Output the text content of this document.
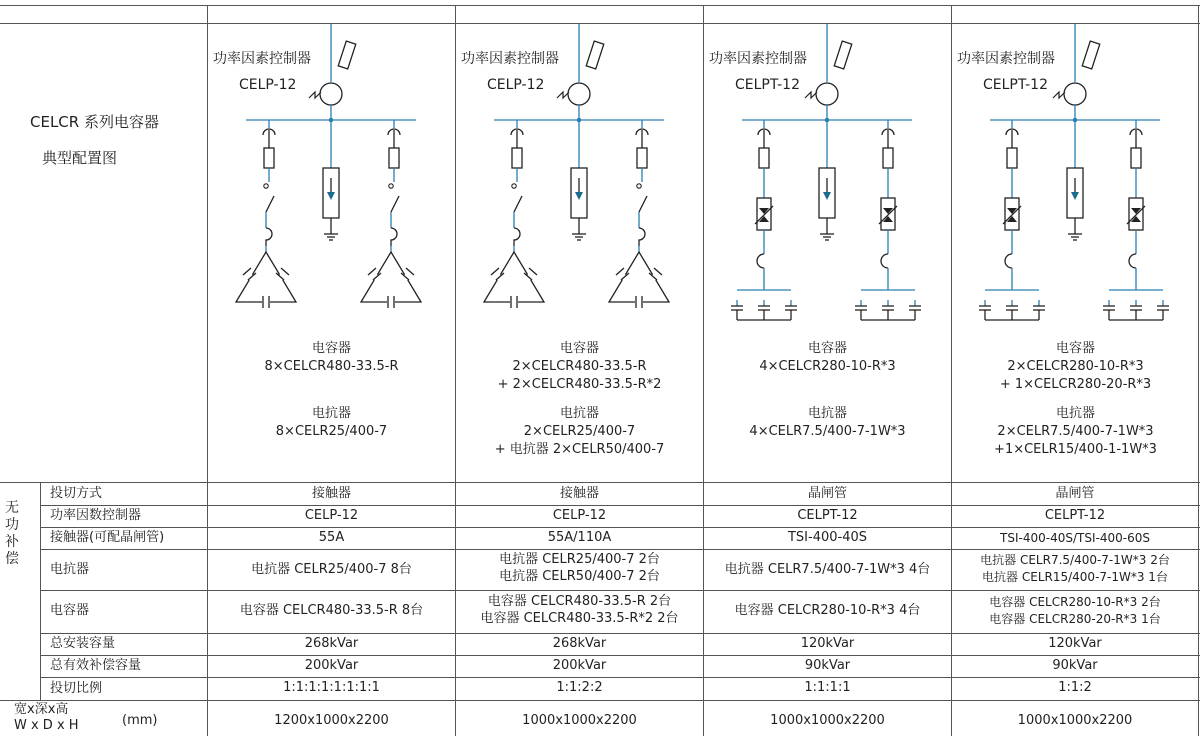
CELCR 系列电容器
典型配置图
无功补偿
投切方式
功率因数控制器
接触器(可配晶闸管)
电抗器
电容器
总安装容量
总有效补偿容量
投切比例
宽x深x高
W x D x H	(mm)
功率因素控制器
CELP-12
电容器
8×CELCR480-33.5-R
电抗器
8×CELR25/400-7
功率因素控制器
CELP-12
电容器
2×CELCR480-33.5-R
+ 2×CELCR480-33.5-R*2
电抗器
2×CELR25/400-7
+ 电抗器 2×CELR50/400-7
功率因素控制器
CELPT-12
电容器
4×CELCR280-10-R*3
电抗器
4×CELR7.5/400-7-1W*3
功率因素控制器
CELPT-12
电容器
2×CELCR280-10-R*3
+ 1×CELCR280-20-R*3
电抗器
2×CELR7.5/400-7-1W*3
+1×CELR15/400-1-1W*3
接触器
CELP-12
55A
电抗器 CELR25/400-7 8台
电容器 CELCR480-33.5-R 8台
268kVar
200kVar
1:1:1:1:1:1:1:1
1200x1000x2200
接触器
CELP-12
55A/110A
电抗器 CELR25/400-7 2台
电抗器 CELR50/400-7 2台
电容器 CELCR480-33.5-R 2台
电容器 CELCR480-33.5-R*2 2台
268kVar
200kVar
1:1:2:2
1000x1000x2200
晶闸管
CELPT-12
TSI-400-40S
电抗器 CELR7.5/400-7-1W*3 4台
电容器 CELCR280-10-R*3 4台
120kVar
90kVar
1:1:1:1
1000x1000x2200
晶闸管
CELPT-12
TSI-400-40S/TSI-400-60S
电抗器 CELR7.5/400-7-1W*3 2台
电抗器 CELR15/400-7-1W*3 1台
电容器 CELCR280-10-R*3 2台
电容器 CELCR280-20-R*3 1台
120kVar
90kVar
1:1:2
1000x1000x2200
